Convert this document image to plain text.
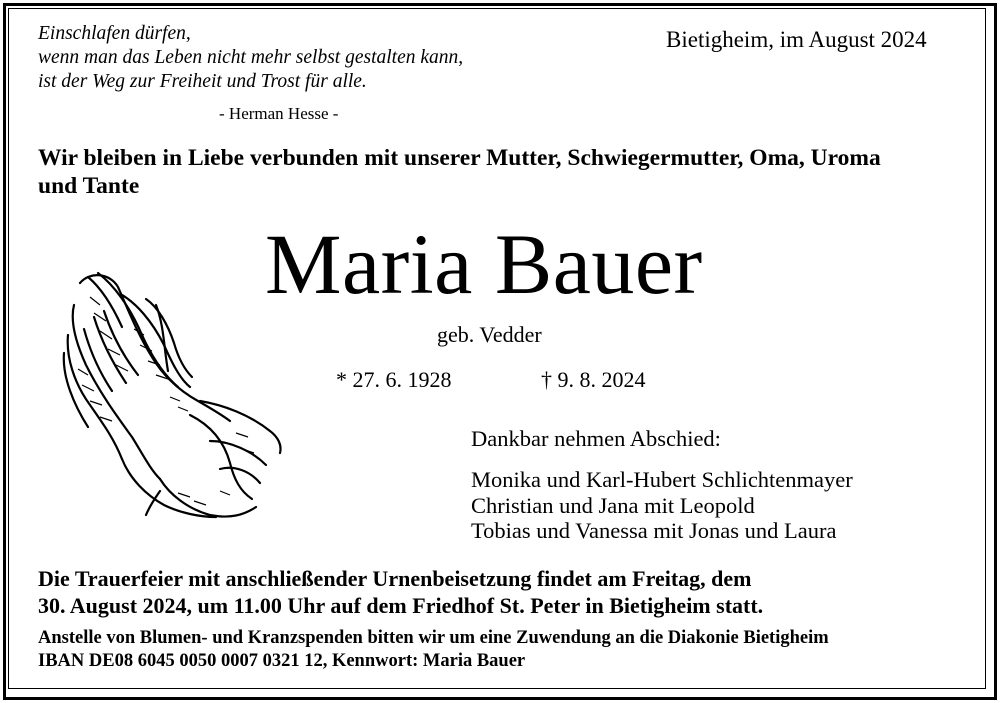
Einschlafen dürfen,
wenn man das Leben nicht mehr selbst gestalten kann,
ist der Weg zur Freiheit und Trost für alle.
- Herman Hesse -
Bietigheim, im August 2024
Wir bleiben in Liebe verbunden mit unserer Mutter, Schwiegermutter, Oma, Uroma
und Tante
Maria Bauer
geb. Vedder
* 27. 6. 1928	† 9. 8. 2024
Dankbar nehmen Abschied:
Monika und Karl-Hubert Schlichtenmayer
Christian und Jana mit Leopold
Tobias und Vanessa mit Jonas und Laura
Die Trauerfeier mit anschließender Urnenbeisetzung findet am Freitag, dem
30. August 2024, um 11.00 Uhr auf dem Friedhof St. Peter in Bietigheim statt.
Anstelle von Blumen- und Kranzspenden bitten wir um eine Zuwendung an die Diakonie Bietigheim
IBAN DE08 6045 0050 0007 0321 12, Kennwort: Maria Bauer
